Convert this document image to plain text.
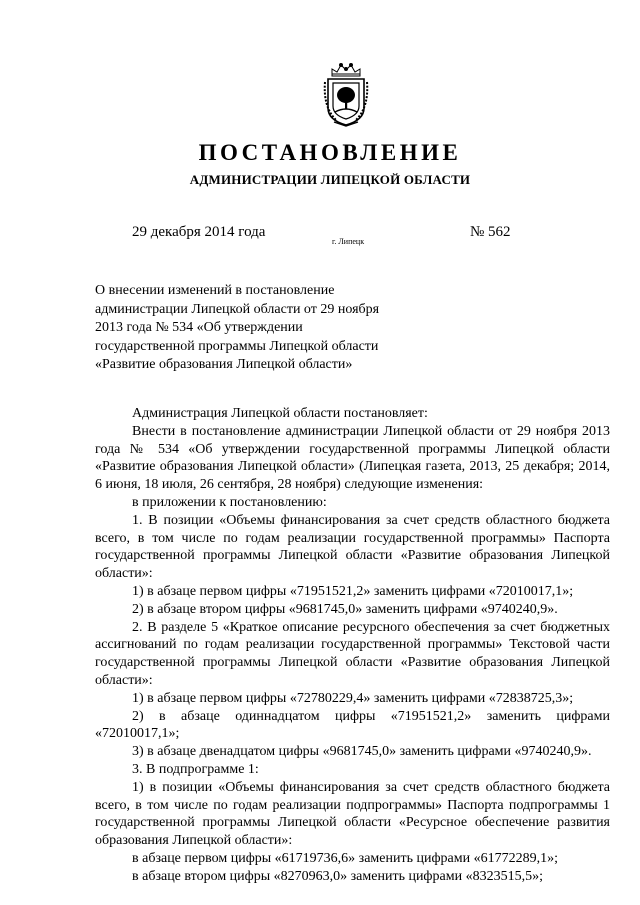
ПОСТАНОВЛЕНИЕ
АДМИНИСТРАЦИИ ЛИПЕЦКОЙ ОБЛАСТИ
29 декабря 2014 года
г. Липецк
№ 562
О внесении изменений в постановление
администрации Липецкой области от 29 ноября
2013 года № 534 «Об утверждении
государственной программы Липецкой области
«Развитие образования Липецкой области»

Администрация Липецкой области постановляет:

Внести в постановление администрации Липецкой области от 29 ноября 2013 года № 534 «Об утверждении государственной программы Липецкой области «Развитие образования Липецкой области» (Липецкая газета, 2013, 25 декабря; 2014, 6 июня, 18 июля, 26 сентября, 28 ноября) следующие изменения:

в приложении к постановлению:

1. В позиции «Объемы финансирования за счет средств областного бюджета всего, в том числе по годам реализации государственной программы» Паспорта государственной программы Липецкой области «Развитие образования Липецкой области»:

1) в абзаце первом цифры «71951521,2» заменить цифрами «72010017,1»;

2) в абзаце втором цифры «9681745,0» заменить цифрами «9740240,9».

2. В разделе 5 «Краткое описание ресурсного обеспечения за счет бюджетных ассигнований по годам реализации государственной программы» Текстовой части государственной программы Липецкой области «Развитие образования Липецкой области»:

1) в абзаце первом цифры «72780229,4» заменить цифрами «72838725,3»;

2) в абзаце одиннадцатом цифры «71951521,2» заменить цифрами «72010017,1»;

3) в абзаце двенадцатом цифры «9681745,0» заменить цифрами «9740240,9».

3. В подпрограмме 1:

1) в позиции «Объемы финансирования за счет средств областного бюджета всего, в том числе по годам реализации подпрограммы» Паспорта подпрограммы 1 государственной программы Липецкой области «Ресурсное обеспечение развития образования Липецкой области»:

в абзаце первом цифры «61719736,6» заменить цифрами «61772289,1»;

в абзаце втором цифры «8270963,0» заменить цифрами «8323515,5»;
